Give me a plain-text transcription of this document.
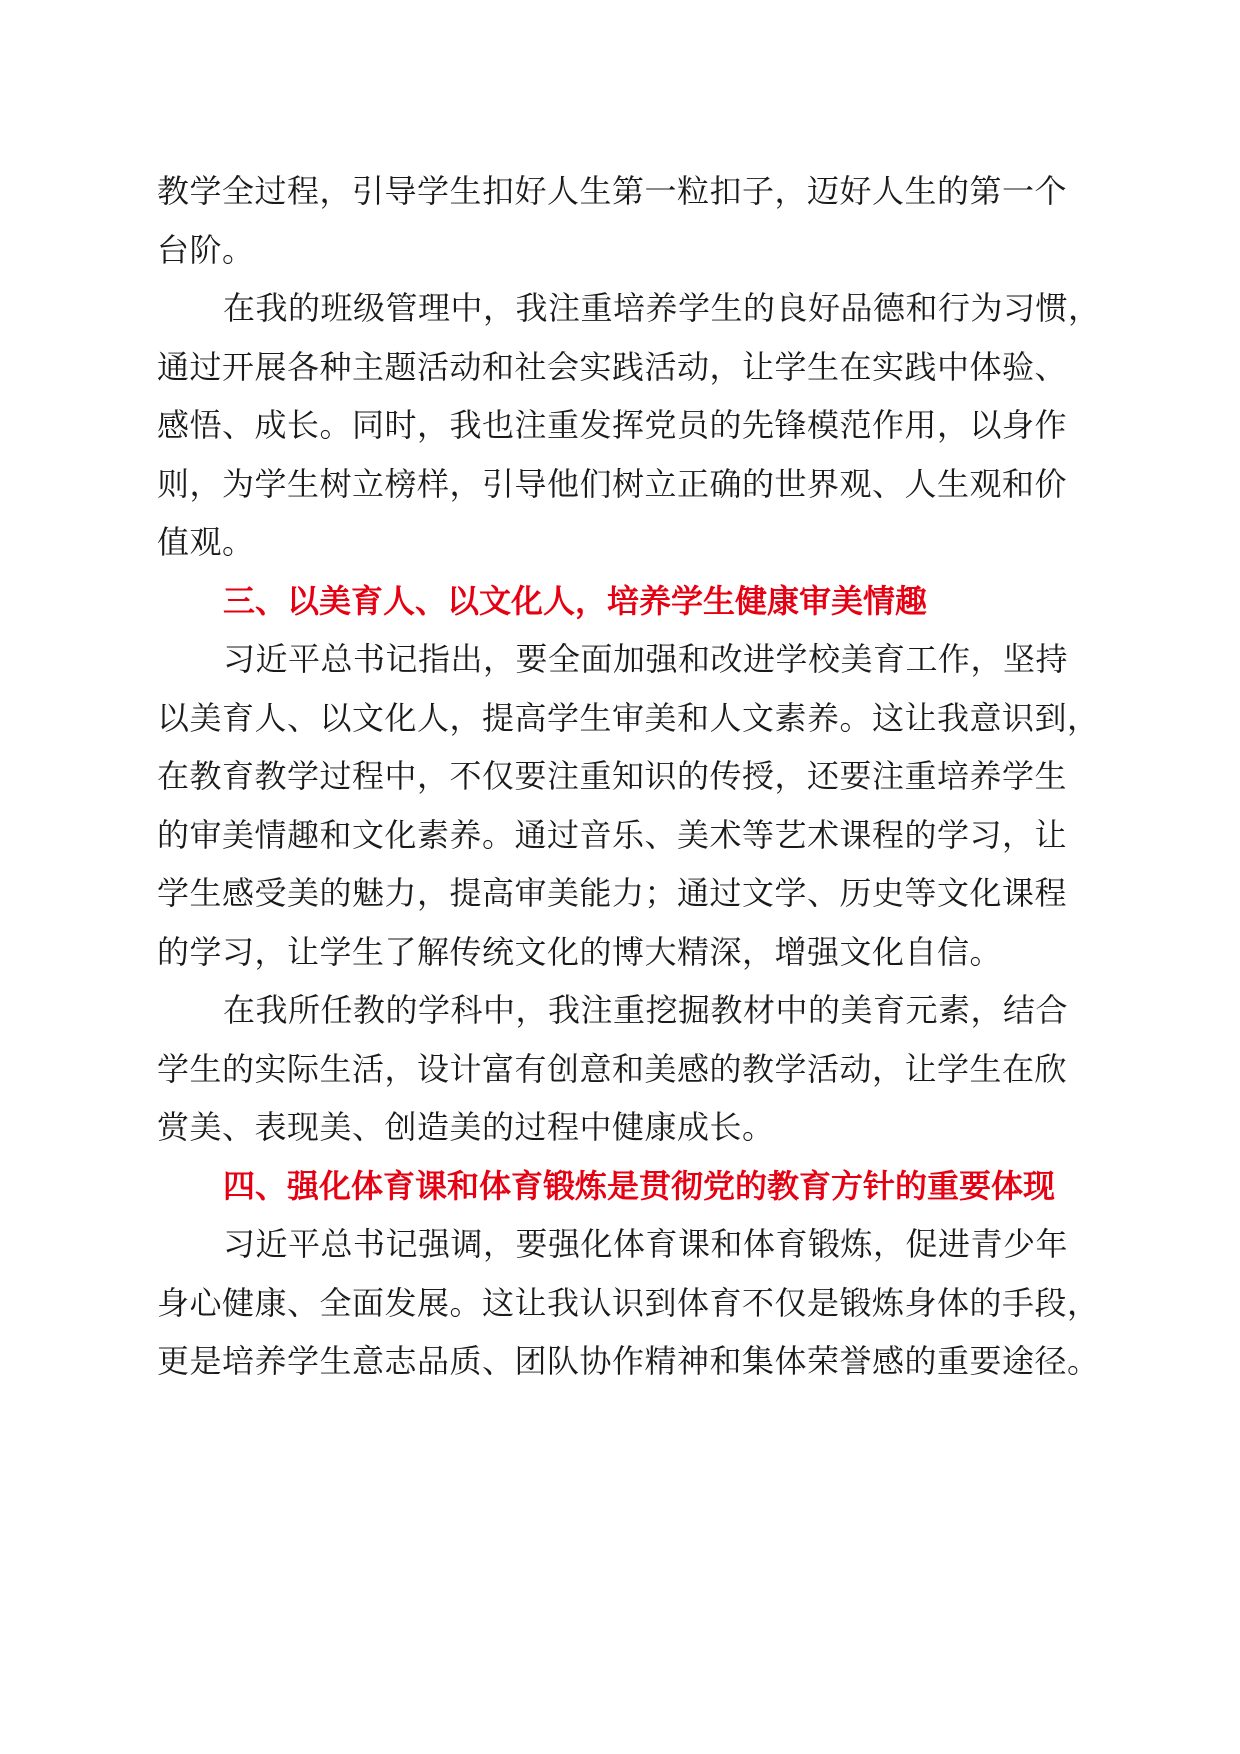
教学全过程，引导学生扣好人生第一粒扣子，迈好人生的第一个
台阶。
在我的班级管理中，我注重培养学生的良好品德和行为习惯，
通过开展各种主题活动和社会实践活动，让学生在实践中体验、
感悟、成长。同时，我也注重发挥党员的先锋模范作用，以身作
则，为学生树立榜样，引导他们树立正确的世界观、人生观和价
值观。
三、以美育人、以文化人，培养学生健康审美情趣
习近平总书记指出，要全面加强和改进学校美育工作，坚持
以美育人、以文化人，提高学生审美和人文素养。这让我意识到，
在教育教学过程中，不仅要注重知识的传授，还要注重培养学生
的审美情趣和文化素养。通过音乐、美术等艺术课程的学习，让
学生感受美的魅力，提高审美能力；通过文学、历史等文化课程
的学习，让学生了解传统文化的博大精深，增强文化自信。
在我所任教的学科中，我注重挖掘教材中的美育元素，结合
学生的实际生活，设计富有创意和美感的教学活动，让学生在欣
赏美、表现美、创造美的过程中健康成长。
四、强化体育课和体育锻炼是贯彻党的教育方针的重要体现
习近平总书记强调，要强化体育课和体育锻炼，促进青少年
身心健康、全面发展。这让我认识到体育不仅是锻炼身体的手段，
更是培养学生意志品质、团队协作精神和集体荣誉感的重要途径。
